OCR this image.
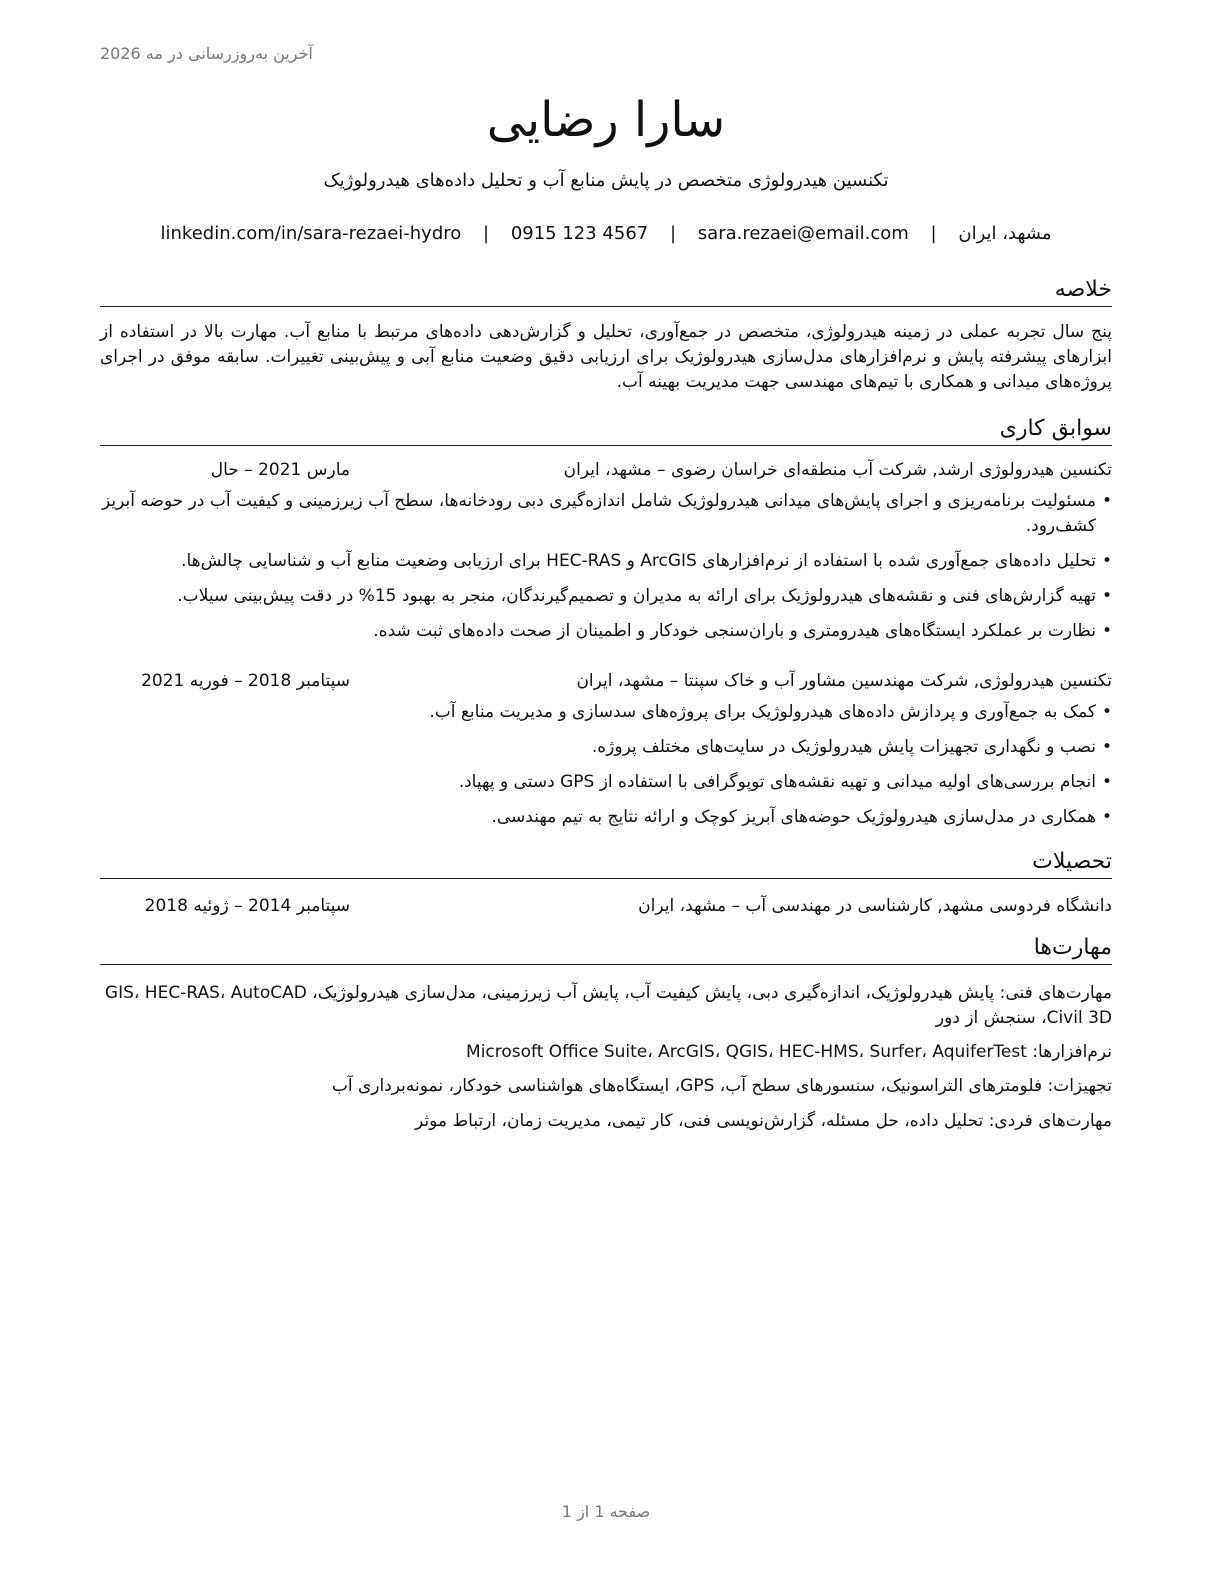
آخرین به‌روزرسانی در مه 2026
سارا رضایی
تکنسین هیدرولوژی متخصص در پایش منابع آب و تحلیل داده‌های هیدرولوژیک
مشهد، ایران | sara.rezaei@email.com | 0915 123 4567 | linkedin.com/in/sara-rezaei-hydro
خلاصه
پنج سال تجربه عملی در زمینه هیدرولوژی، متخصص در جمع‌آوری، تحلیل و گزارش‌دهی داده‌های مرتبط با منابع آب. مهارت بالا در استفاده از ابزارهای پیشرفته پایش و نرم‌افزارهای مدل‌سازی هیدرولوژیک برای ارزیابی دقیق وضعیت منابع آبی و پیش‌بینی تغییرات. سابقه موفق در اجرای پروژه‌های میدانی و همکاری با تیم‌های مهندسی جهت مدیریت بهینه آب.
سوابق کاری
تکنسین هیدرولوژی ارشد, شرکت آب منطقه‌ای خراسان رضوی – مشهد، ایران
مارس 2021 – حال
• مسئولیت برنامه‌ریزی و اجرای پایش‌های میدانی هیدرولوژیک شامل اندازه‌گیری دبی رودخانه‌ها، سطح آب زیرزمینی و کیفیت آب در حوضه آبریز کشف‌رود.
• تحلیل داده‌های جمع‌آوری شده با استفاده از نرم‌افزارهای ArcGIS و HEC-RAS برای ارزیابی وضعیت منابع آب و شناسایی چالش‌ها.
• تهیه گزارش‌های فنی و نقشه‌های هیدرولوژیک برای ارائه به مدیران و تصمیم‌گیرندگان، منجر به بهبود 15% در دقت پیش‌بینی سیلاب.
• نظارت بر عملکرد ایستگاه‌های هیدرومتری و باران‌سنجی خودکار و اطمینان از صحت داده‌های ثبت شده.
تکنسین هیدرولوژی, شرکت مهندسین مشاور آب و خاک سپنتا – مشهد، ایران
سپتامبر 2018 – فوریه 2021
• کمک به جمع‌آوری و پردازش داده‌های هیدرولوژیک برای پروژه‌های سدسازی و مدیریت منابع آب.
• نصب و نگهداری تجهیزات پایش هیدرولوژیک در سایت‌های مختلف پروژه.
• انجام بررسی‌های اولیه میدانی و تهیه نقشه‌های توپوگرافی با استفاده از GPS دستی و پهپاد.
• همکاری در مدل‌سازی هیدرولوژیک حوضه‌های آبریز کوچک و ارائه نتایج به تیم مهندسی.
تحصیلات
دانشگاه فردوسی مشهد, کارشناسی در مهندسی آب – مشهد، ایران
سپتامبر 2014 – ژوئیه 2018
مهارت‌ها
مهارت‌های فنی: پایش هیدرولوژیک، اندازه‌گیری دبی، پایش کیفیت آب، پایش آب زیرزمینی، مدل‌سازی هیدرولوژیک، GIS، HEC-RAS، AutoCAD Civil 3D، سنجش از دور
نرم‌افزارها: Microsoft Office Suite، ArcGIS، QGIS، HEC-HMS، Surfer، AquiferTest
تجهیزات: فلومترهای التراسونیک، سنسورهای سطح آب، GPS، ایستگاه‌های هواشناسی خودکار، نمونه‌برداری آب
مهارت‌های فردی: تحلیل داده، حل مسئله، گزارش‌نویسی فنی، کار تیمی، مدیریت زمان، ارتباط موثر
صفحه 1 از 1
